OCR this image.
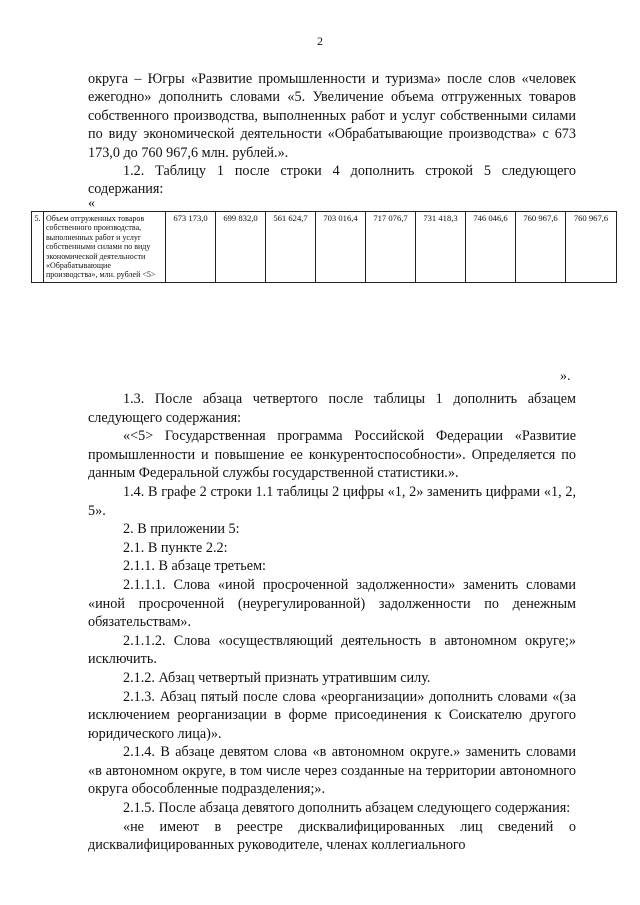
2

округа – Югры «Развитие промышленности и туризма» после слов «человек ежегодно» дополнить словами «5. Увеличение объема отгруженных товаров собственного производства, выполненных работ и услуг собственными силами по виду экономической деятельности «Обрабатывающие производства» с 673 173,0 до 760 967,6 млн. рублей.».

1.2. Таблицу 1 после строки 4 дополнить строкой 5 следующего содержания:

«
5.	Объем отгруженных товаров собственного производства, выполненных работ и услуг собственными силами по виду экономической деятельности «Обрабатывающие производства», млн. рублей <5>	673 173,0	699 832,0	561 624,7	703 016,4	717 076,7	731 418,3	746 046,6	760 967,6	760 967,6
».

1.3. После абзаца четвертого после таблицы 1 дополнить абзацем следующего содержания:

«<5> Государственная программа Российской Федерации «Развитие промышленности и повышение ее конкурентоспособности». Определяется по данным Федеральной службы государственной статистики.».

1.4. В графе 2 строки 1.1 таблицы 2 цифры «1, 2» заменить цифрами «1, 2, 5».

2. В приложении 5:

2.1. В пункте 2.2:

2.1.1. В абзаце третьем:

2.1.1.1. Слова «иной просроченной задолженности» заменить словами «иной просроченной (неурегулированной) задолженности по денежным обязательствам».

2.1.1.2. Слова «осуществляющий деятельность в автономном округе;» исключить.

2.1.2. Абзац четвертый признать утратившим силу.

2.1.3. Абзац пятый после слова «реорганизации» дополнить словами «(за исключением реорганизации в форме присоединения к Соискателю другого юридического лица)».

2.1.4. В абзаце девятом слова «в автономном округе.» заменить словами «в автономном округе, в том числе через созданные на территории автономного округа обособленные подразделения;».

2.1.5. После абзаца девятого дополнить абзацем следующего содержания:

«не имеют в реестре дисквалифицированных лиц сведений о дисквалифицированных руководителе, членах коллегиального
